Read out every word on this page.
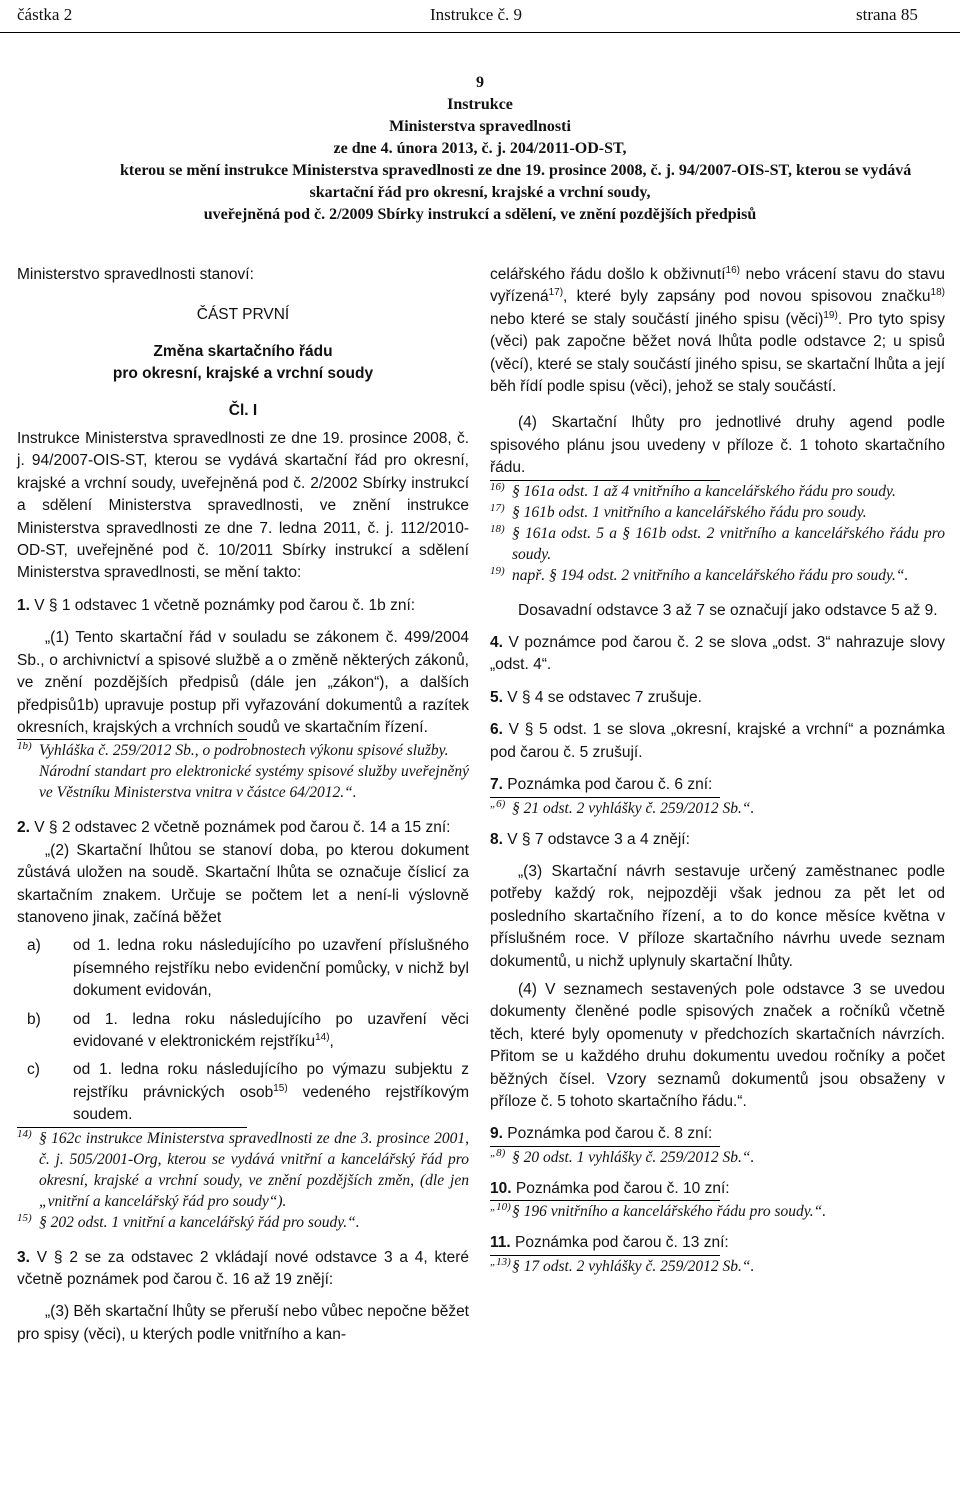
částka 2	Instrukce č. 9	strana 85
9
Instrukce
Ministerstva spravedlnosti
ze dne 4. února 2013, č. j. 204/2011-OD-ST,
kterou se mění instrukce Ministerstva spravedlnosti ze dne 19. prosince 2008, č. j. 94/2007-OIS-ST, kterou se vydává
skartační řád pro okresní, krajské a vrchní soudy,
uveřejněná pod č. 2/2009 Sbírky instrukcí a sdělení, ve znění pozdějších předpisů

Ministerstvo spravedlnosti stanoví:

ČÁST PRVNÍ

Změna skartačního řádu

pro okresní, krajské a vrchní soudy

Čl. I

Instrukce Ministerstva spravedlnosti ze dne 19. prosince 2008, č. j. 94/2007-OIS-ST, kterou se vydává skartační řád pro okresní, krajské a vrchní soudy, uveřejněná pod č. 2/2002 Sbírky instrukcí a sdělení Ministerstva spravedlnosti, ve znění instrukce Ministerstva spravedlnosti ze dne 7. ledna 2011, č. j. 112/2010-OD-ST, uveřejněné pod č. 10/2011 Sbírky instrukcí a sdělení Ministerstva spravedlnosti, se mění takto:

1. V § 1 odstavec 1 včetně poznámky pod čarou č. 1b zní:

„(1) Tento skartační řád v souladu se zákonem č. 499/2004 Sb., o archivnictví a spisové službě a o změně některých zákonů, ve znění pozdějších předpisů (dále jen „zákon“), a dalších předpisů1b) upravuje postup při vyřazování dokumentů a razítek okresních, krajských a vrchních soudů ve skartačním řízení.

1b) Vyhláška č. 259/2012 Sb., o podrobnostech výkonu spisové služby.
Národní standart pro elektronické systémy spisové služby uveřejněný ve Věstníku Ministerstva vnitra v částce 64/2012.“.

2. V § 2 odstavec 2 včetně poznámek pod čarou č. 14 a 15 zní:

„(2) Skartační lhůtou se stanoví doba, po kterou dokument zůstává uložen na soudě. Skartační lhůta se označuje číslicí za skartačním znakem. Určuje se počtem let a není-li výslovně stanoveno jinak, začíná běžet

a) od 1. ledna roku následujícího po uzavření příslušného písemného rejstříku nebo evidenční pomůcky, v nichž byl dokument evidován,
b) od 1. ledna roku následujícího po uzavření věci evidované v elektronickém rejstříku$^{14)}$,
c) od 1. ledna roku následujícího po výmazu subjektu z rejstříku právnických osob$^{15)}$ vedeného rejstříkovým soudem.
14) § 162c instrukce Ministerstva spravedlnosti ze dne 3. prosince 2001, č. j. 505/2001-Org, kterou se vydává vnitřní a kancelářský řád pro okresní, krajské a vrchní soudy, ve znění pozdějších změn, (dle jen „vnitřní a kancelářský řád pro soudy“).
15) § 202 odst. 1 vnitřní a kancelářský řád pro soudy.“.

3. V § 2 se za odstavec 2 vkládají nové odstavce 3 a 4, které včetně poznámek pod čarou č. 16 až 19 znějí:

„(3) Běh skartační lhůty se přeruší nebo vůbec nepočne běžet pro spisy (věci), u kterých podle vnitřního a kan-

celářského řádu došlo k obživnutí$^{16)}$ nebo vrácení stavu do stavu vyřízená$^{17)}$, které byly zapsány pod novou spisovou značku$^{18)}$ nebo které se staly součástí jiného spisu (věci)$^{19)}$. Pro tyto spisy (věci) pak započne běžet nová lhůta podle odstavce 2; u spisů (věcí), které se staly součástí jiného spisu, se skartační lhůta a její běh řídí podle spisu (věci), jehož se staly součástí.

(4) Skartační lhůty pro jednotlivé druhy agend podle spisového plánu jsou uvedeny v příloze č. 1 tohoto skartačního řádu.

16) § 161a odst. 1 až 4 vnitřního a kancelářského řádu pro soudy.
17) § 161b odst. 1 vnitřního a kancelářského řádu pro soudy.
18) § 161a odst. 5 a § 161b odst. 2 vnitřního a kancelářského řádu pro soudy.
19) např. § 194 odst. 2 vnitřního a kancelářského řádu pro soudy.“.

Dosavadní odstavce 3 až 7 se označují jako odstavce 5 až 9.

4. V poznámce pod čarou č. 2 se slova „odst. 3“ nahrazuje slovy „odst. 4“.

5. V § 4 se odstavec 7 zrušuje.

6. V § 5 odst. 1 se slova „okresní, krajské a vrchní“ a poznámka pod čarou č. 5 zrušují.

7. Poznámka pod čarou č. 6 zní:

„6) § 21 odst. 2 vyhlášky č. 259/2012 Sb.“.

8. V § 7 odstavce 3 a 4 znějí:

„(3) Skartační návrh sestavuje určený zaměstnanec podle potřeby každý rok, nejpozději však jednou za pět let od posledního skartačního řízení, a to do konce měsíce května v příslušném roce. V příloze skartačního návrhu uvede seznam dokumentů, u nichž uplynuly skartační lhůty.

(4) V seznamech sestavených pole odstavce 3 se uvedou dokumenty členěné podle spisových značek a ročníků včetně těch, které byly opomenuty v předchozích skartačních návrzích. Přitom se u každého druhu dokumentu uvedou ročníky a počet běžných čísel. Vzory seznamů dokumentů jsou obsaženy v příloze č. 5 tohoto skartačního řádu.“.

9. Poznámka pod čarou č. 8 zní:

„8) § 20 odst. 1 vyhlášky č. 259/2012 Sb.“.

10. Poznámka pod čarou č. 10 zní:

„10) § 196 vnitřního a kancelářského řádu pro soudy.“.

11. Poznámka pod čarou č. 13 zní:

„13) § 17 odst. 2 vyhlášky č. 259/2012 Sb.“.
